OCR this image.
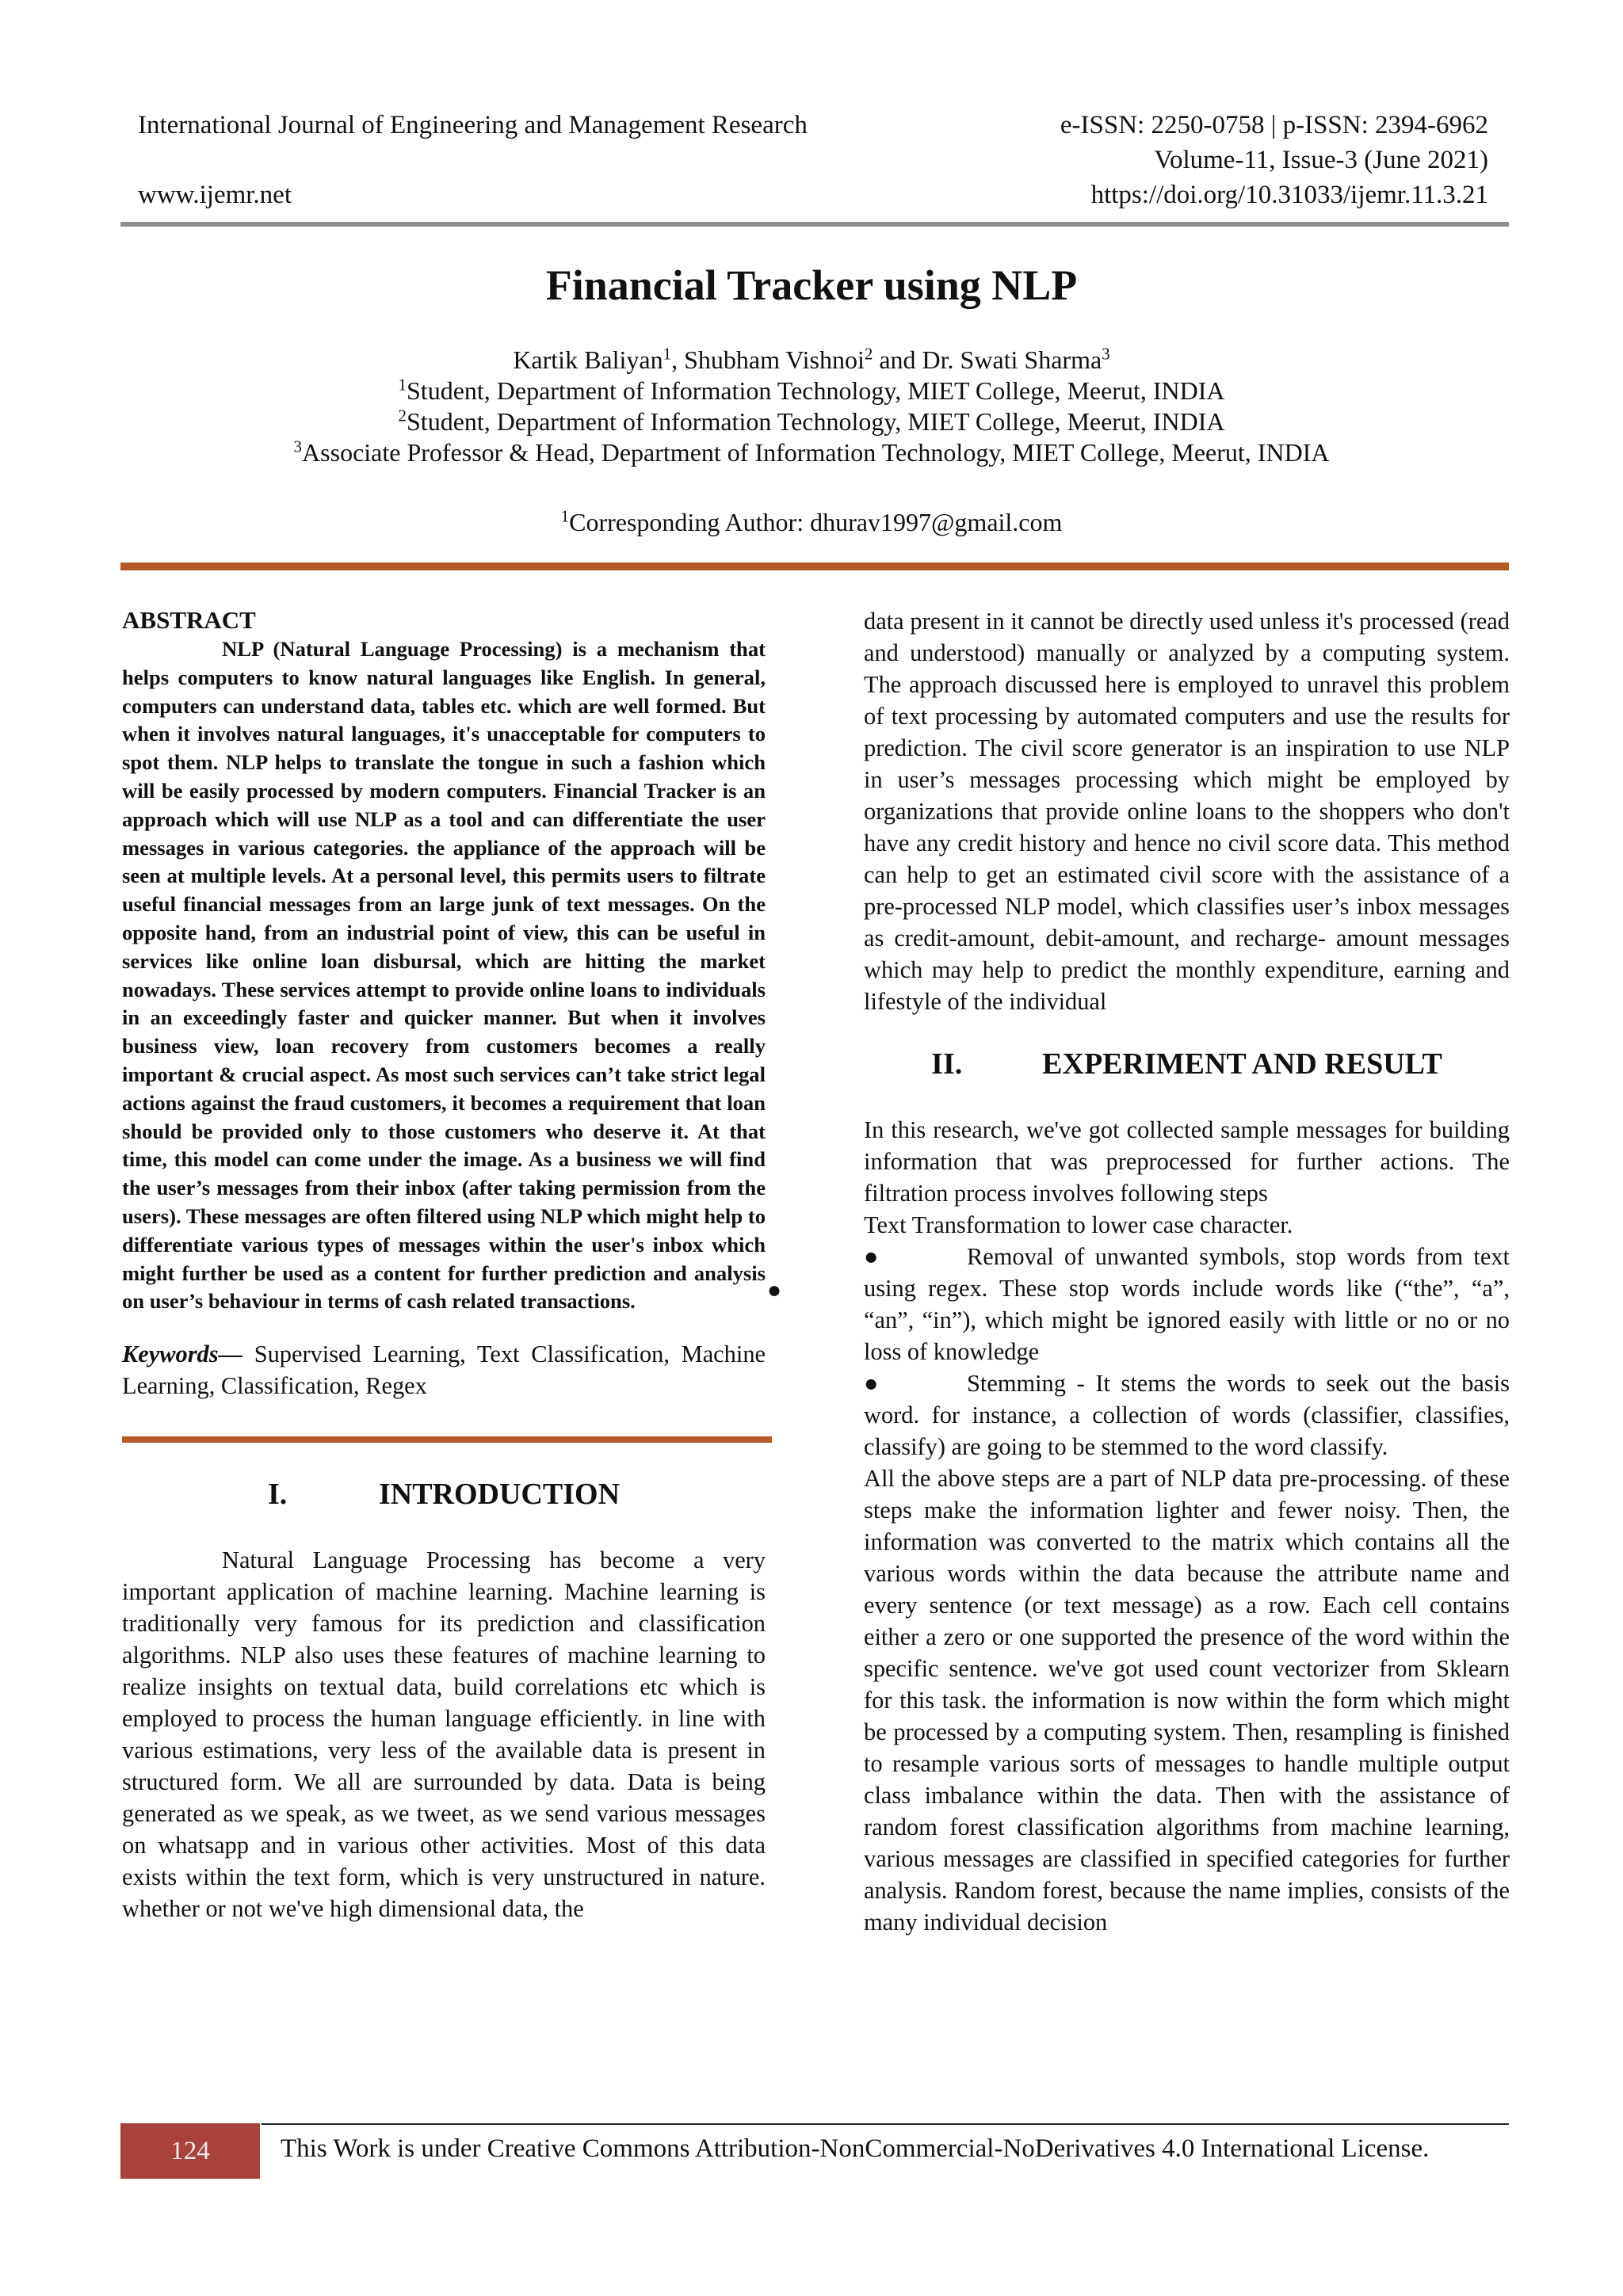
International Journal of Engineering and Management Research	e-ISSN: 2250-0758 | p-ISSN: 2394-6962
Volume-11, Issue-3 (June 2021)
www.ijemr.net	https://doi.org/10.31033/ijemr.11.3.21
Financial Tracker using NLP
Kartik Baliyan$^1$, Shubham Vishnoi$^2$ and Dr. Swati Sharma$^3$
$^1$Student, Department of Information Technology, MIET College, Meerut, INDIA
$^2$Student, Department of Information Technology, MIET College, Meerut, INDIA
$^3$Associate Professor & Head, Department of Information Technology, MIET College, Meerut, INDIA
$^1$Corresponding Author: dhurav1997@gmail.com
ABSTRACT
NLP (Natural Language Processing) is a mechanism that helps computers to know natural languages like English. In general, computers can understand data, tables etc. which are well formed. But when it involves natural languages, it's unacceptable for computers to spot them. NLP helps to translate the tongue in such a fashion which will be easily processed by modern computers. Financial Tracker is an approach which will use NLP as a tool and can differentiate the user messages in various categories. the appliance of the approach will be seen at multiple levels. At a personal level, this permits users to filtrate useful financial messages from an large junk of text messages. On the opposite hand, from an industrial point of view, this can be useful in services like online loan disbursal, which are hitting the market nowadays. These services attempt to provide online loans to individuals in an exceedingly faster and quicker manner. But when it involves business view, loan recovery from customers becomes a really important & crucial aspect. As most such services can’t take strict legal actions against the fraud customers, it becomes a requirement that loan should be provided only to those customers who deserve it. At that time, this model can come under the image. As a business we will find the user’s messages from their inbox (after taking permission from the users). These messages are often filtered using NLP which might help to differentiate various types of messages within the user's inbox which might further be used as a content for further prediction and analysis on user’s behaviour in terms of cash related transactions.
Keywords— Supervised Learning, Text Classification, Machine Learning, Classification, Regex
I.	INTRODUCTION
Natural Language Processing has become a very important application of machine learning. Machine learning is traditionally very famous for its prediction and classification algorithms. NLP also uses these features of machine learning to realize insights on textual data, build correlations etc which is employed to process the human language efficiently. in line with various estimations, very less of the available data is present in structured form. We all are surrounded by data. Data is being generated as we speak, as we tweet, as we send various messages on whatsapp and in various other activities. Most of this data exists within the text form, which is very unstructured in nature. whether or not we've high dimensional data, the
●
data present in it cannot be directly used unless it's processed (read and understood) manually or analyzed by a computing system. The approach discussed here is employed to unravel this problem of text processing by automated computers and use the results for prediction. The civil score generator is an inspiration to use NLP in user’s messages processing which might be employed by organizations that provide online loans to the shoppers who don't have any credit history and hence no civil score data. This method can help to get an estimated civil score with the assistance of a pre-processed NLP model, which classifies user’s inbox messages as credit-amount, debit-amount, and recharge- amount messages which may help to predict the monthly expenditure, earning and lifestyle of the individual
II.	EXPERIMENT AND RESULT
In this research, we've got collected sample messages for building information that was preprocessed for further actions. The filtration process involves following steps
Text Transformation to lower case character.
●	Removal of unwanted symbols, stop words from text using regex. These stop words include words like (“the”, “a”, “an”, “in”), which might be ignored easily with little or no or no loss of knowledge
●	Stemming - It stems the words to seek out the basis word. for instance, a collection of words (classifier, classifies, classify) are going to be stemmed to the word classify.
All the above steps are a part of NLP data pre-processing. of these steps make the information lighter and fewer noisy. Then, the information was converted to the matrix which contains all the various words within the data because the attribute name and every sentence (or text message) as a row. Each cell contains either a zero or one supported the presence of the word within the specific sentence. we've got used count vectorizer from Sklearn for this task. the information is now within the form which might be processed by a computing system. Then, resampling is finished to resample various sorts of messages to handle multiple output class imbalance within the data. Then with the assistance of random forest classification algorithms from machine learning, various messages are classified in specified categories for further analysis. Random forest, because the name implies, consists of the many individual decision
124	This Work is under Creative Commons Attribution-NonCommercial-NoDerivatives 4.0 International License.
